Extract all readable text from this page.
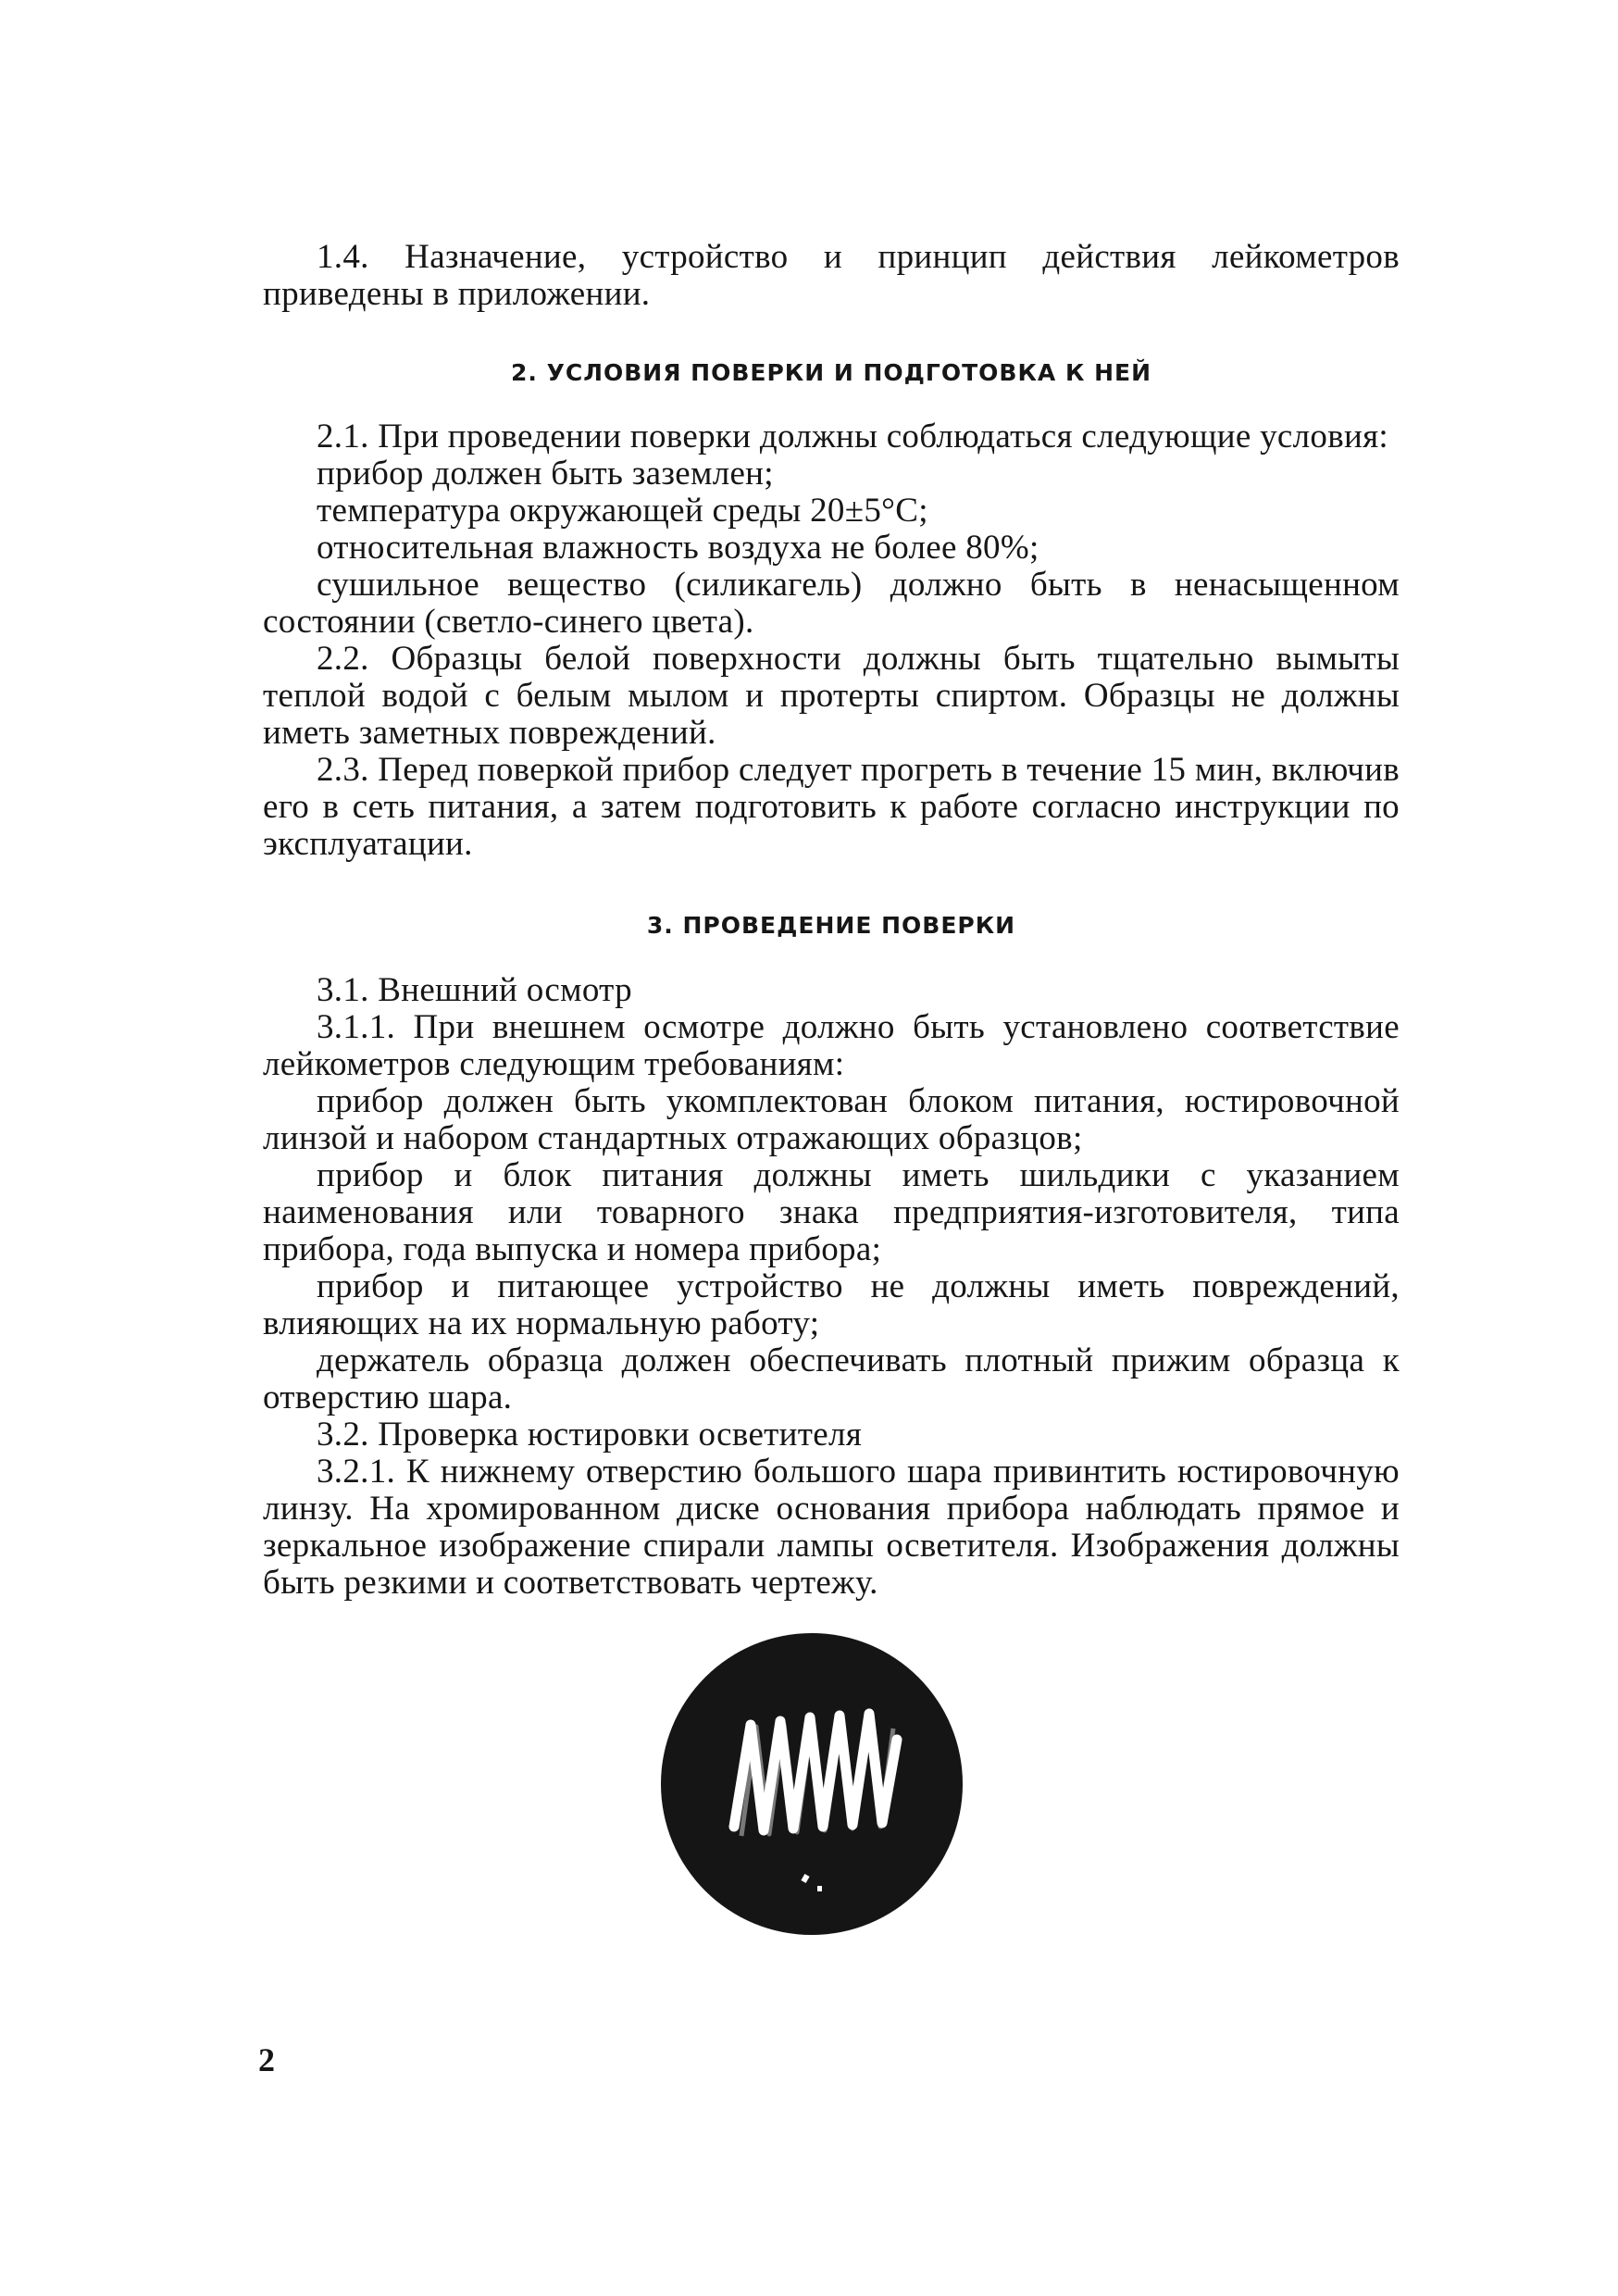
1.4. Назначение, устройство и принцип действия лейкометров приведены в приложении.

2. УСЛОВИЯ ПОВЕРКИ И ПОДГОТОВКА К НЕЙ

2.1. При проведении поверки должны соблюдаться следующие условия:

прибор должен быть заземлен;

температура окружающей среды 20±5°С;

относительная влажность воздуха не более 80%;

сушильное вещество (силикагель) должно быть в ненасыщенном состоянии (светло-синего цвета).

2.2. Образцы белой поверхности должны быть тщательно вымыты теплой водой с белым мылом и протерты спиртом. Образцы не должны иметь заметных повреждений.

2.3. Перед поверкой прибор следует прогреть в течение 15 мин, включив его в сеть питания, а затем подготовить к работе согласно инструкции по эксплуатации.

3. ПРОВЕДЕНИЕ ПОВЕРКИ

3.1. Внешний осмотр

3.1.1. При внешнем осмотре должно быть установлено соответствие лейкометров следующим требованиям:

прибор должен быть укомплектован блоком питания, юстировочной линзой и набором стандартных отражающих образцов;

прибор и блок питания должны иметь шильдики с указанием наименования или товарного знака предприятия-изготовителя, типа прибора, года выпуска и номера прибора;

прибор и питающее устройство не должны иметь повреждений, влияющих на их нормальную работу;

держатель образца должен обеспечивать плотный прижим образца к отверстию шара.

3.2. Проверка юстировки осветителя

3.2.1. К нижнему отверстию большого шара привинтить юстировочную линзу. На хромированном диске основания прибора наблюдать прямое и зеркальное изображение спирали лампы осветителя. Изображения должны быть резкими и соответствовать чертежу.

2
